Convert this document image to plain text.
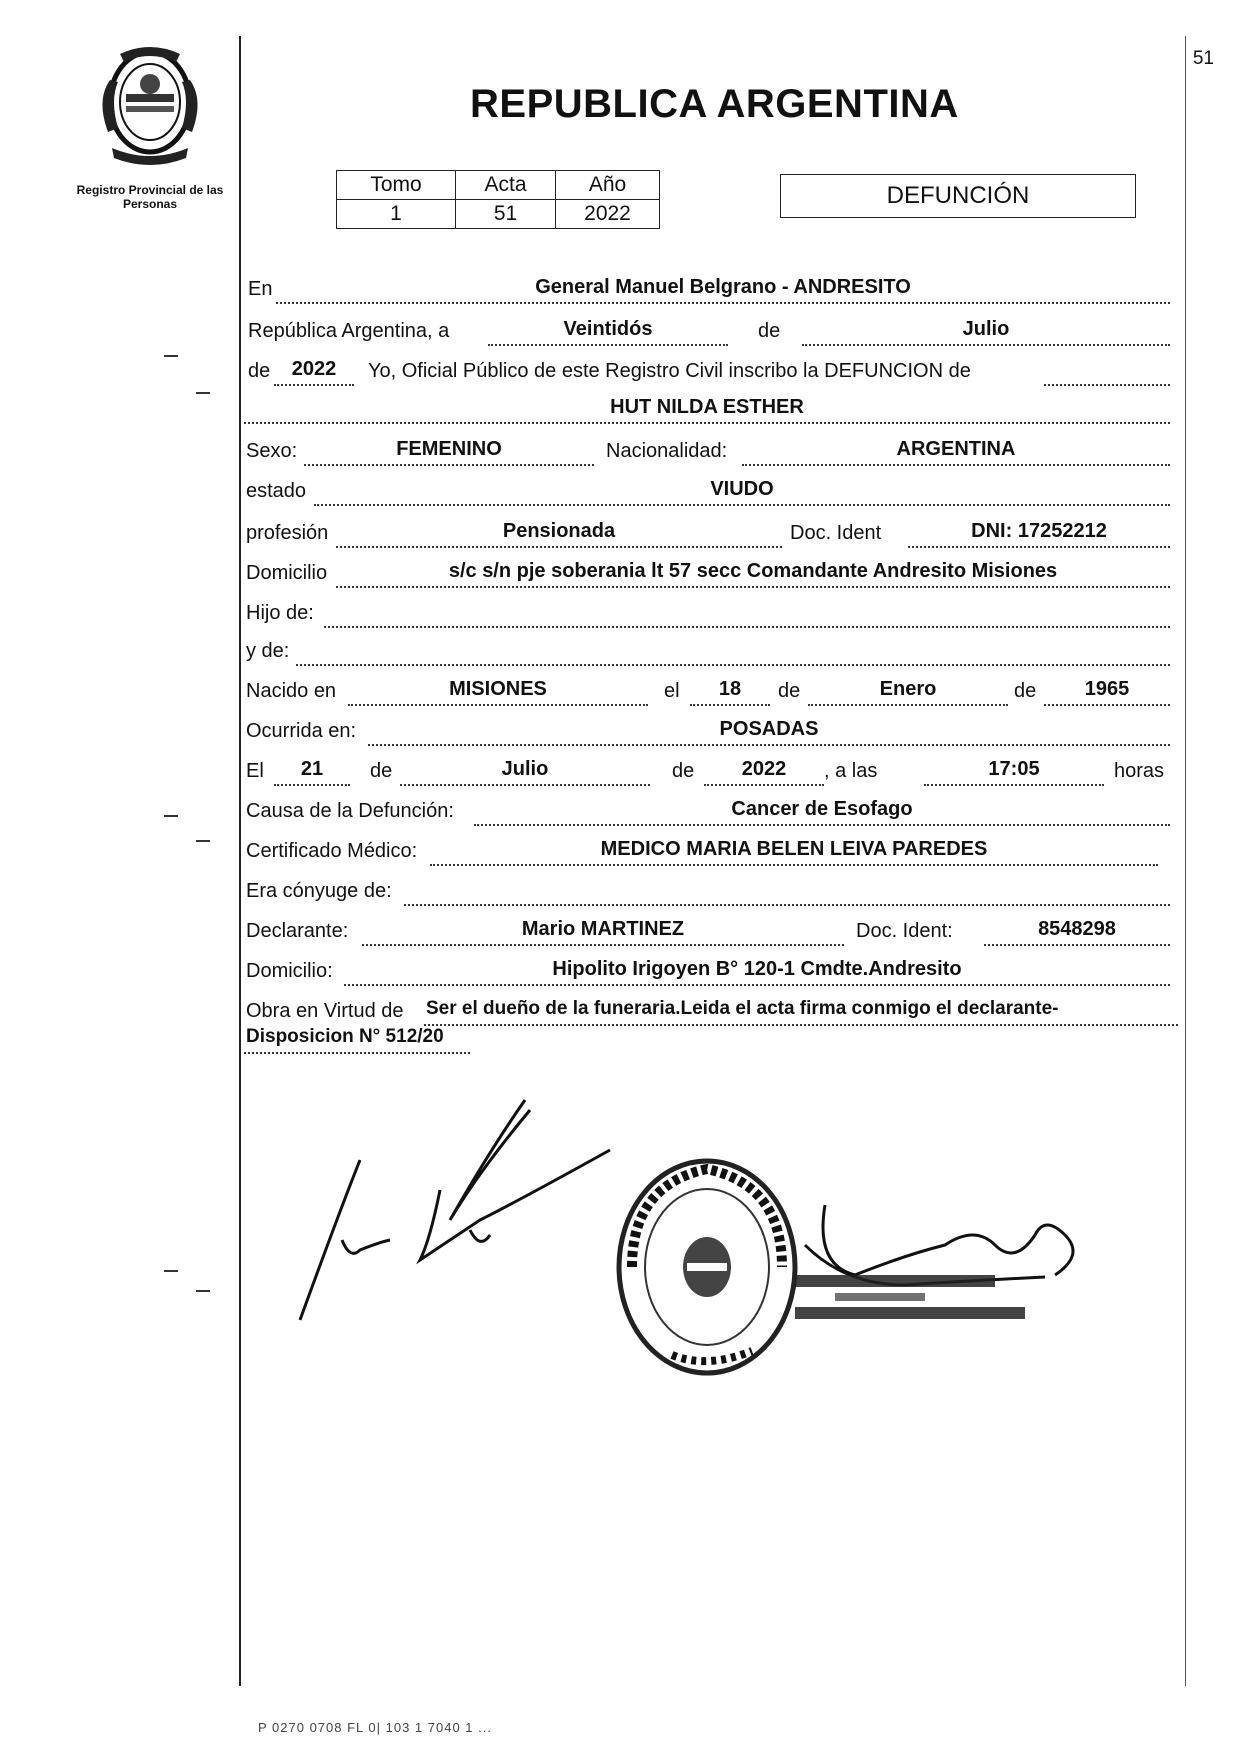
51
Registro Provincial de las Personas
REPUBLICA ARGENTINA
Tomo	Acta	Año
1	51	2022
DEFUNCIÓN
En	General Manuel Belgrano - ANDRESITO
República Argentina, a	Veintidós	de	Julio
de	2022	Yo, Oficial Público de este Registro Civil inscribo la DEFUNCION de
HUT NILDA ESTHER
Sexo:	FEMENINO	Nacionalidad:	ARGENTINA
estado	VIUDO
profesión	Pensionada	Doc. Ident	DNI: 17252212
Domicilio	s/c s/n pje soberania lt 57 secc Comandante Andresito Misiones
Hijo de:
y de:
Nacido en	MISIONES	el	18	de	Enero	de	1965
Ocurrida en:	POSADAS
El	21	de	Julio	de	2022	, a las	17:05	horas
Causa de la Defunción:	Cancer de Esofago
Certificado Médico:	MEDICO MARIA BELEN LEIVA PAREDES
Era cónyuge de:
Declarante:	Mario MARTINEZ	Doc. Ident:	8548298
Domicilio:	Hipolito Irigoyen B° 120-1 Cmdte.Andresito
Obra en Virtud de Ser el dueño de la funeraria.Leida el acta firma conmigo el declarante-
Disposicion N° 512/20
P 0270 0708 FL 0| 103 1 7040 1 ...
